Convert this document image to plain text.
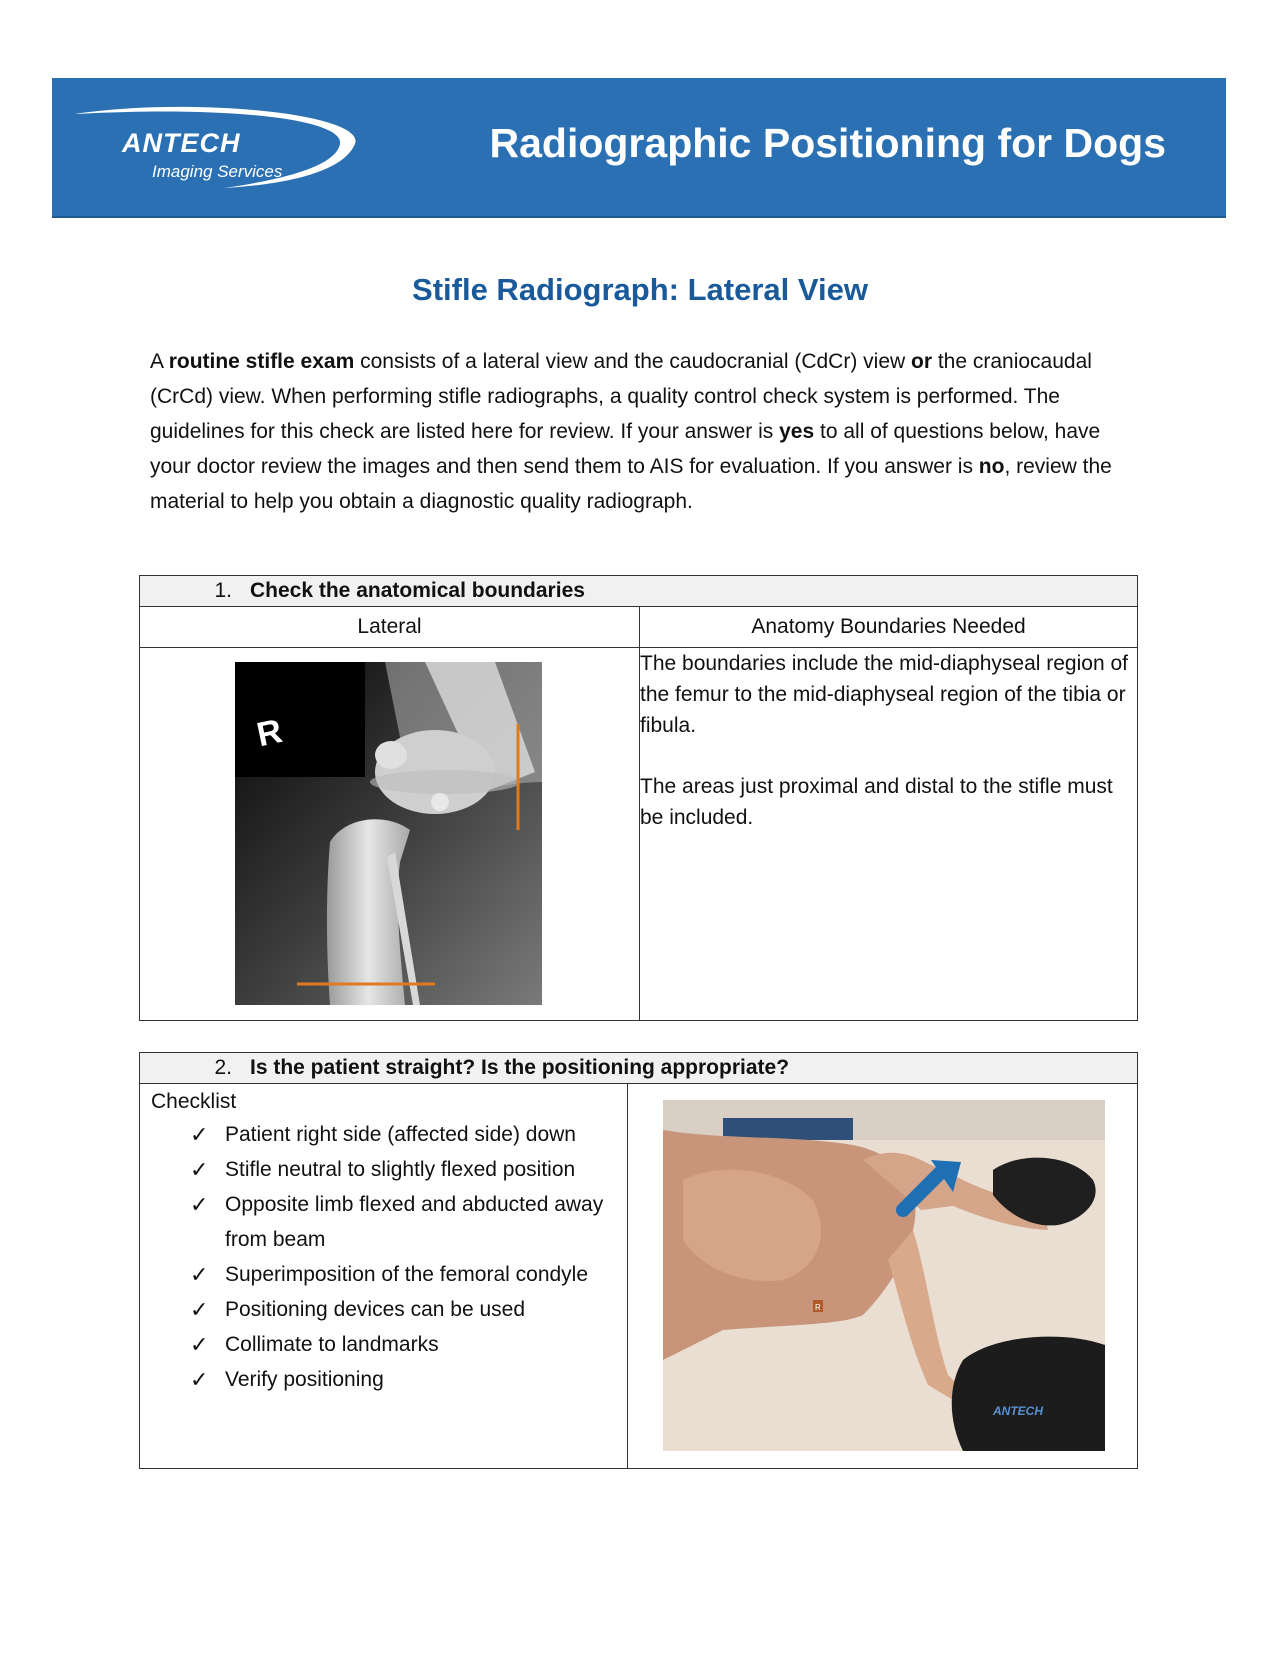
ANTECH
Imaging Services
Radiographic Positioning for Dogs
Stifle Radiograph: Lateral View
A routine stifle exam consists of a lateral view and the caudocranial (CdCr) view or the craniocaudal (CrCd) view. When performing stifle radiographs, a quality control check system is performed. The guidelines for this check are listed here for review. If your answer is yes to all of questions below, have your doctor review the images and then send them to AIS for evaluation. If you answer is no, review the material to help you obtain a diagnostic quality radiograph.
1. Check the anatomical boundaries	
Lateral	Anatomy Boundaries Needed

R	The boundaries include the mid-diaphyseal region of the femur to the mid-diaphyseal region of the tibia or fibula.

The areas just proximal and distal to the stifle must be included.

2. Is the patient straight? Is the positioning appropriate?

Checklist
✓ Patient right side (affected side) down
✓ Stifle neutral to slightly flexed position
✓ Opposite limb flexed and abducted away from beam
✓ Superimposition of the femoral condyle
✓ Positioning devices can be used
✓ Collimate to landmarks
✓ Verify positioning

R
ANTECH
